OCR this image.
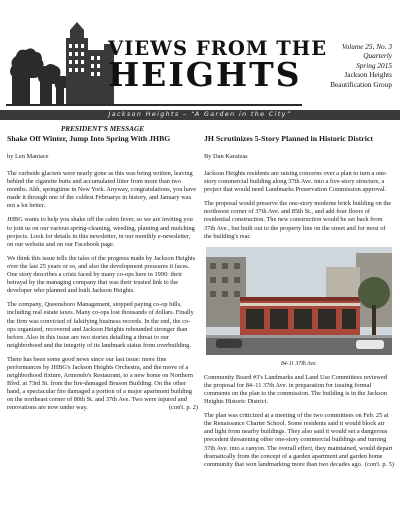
VIEWS FROM THE
HEIGHTS
Volume 25, No. 3
Quarterly
Spring 2015
Jackson Heights
Beautification Group
Jackson Heights – “A Garden in the City”

PRESIDENT'S MESSAGE

Shake Off Winter, Jump Into Spring With JHBG

by Len Maniace

The curbside glaciers were nearly gone as this was being written, leaving behind the cigarette butts and accumulated litter from more than two months. Ahh, springtime in New York. Anyway, congratulations, you have made it through one of the coldest Februarys in history, and January was not a lot better.

JHBG wants to help you shake off the cabin fever, so we are inviting you to join us on our various spring-cleaning, weeding, planting and mulching projects. Look for details in this newsletter, in our monthly e-newsletter, on our website and on our Facebook page.

We think this issue tells the tales of the progress made by Jackson Heights over the last 25 years or so, and also the development pressures it faces. One story describes a crisis faced by many co-ops here in 1990: their betrayal by the managing company that was their trusted link to the developer who planned and built Jackson Heights.

The company, Queensboro Management, stopped paying co-op bills, including real estate taxes. Many co-ops lost thousands of dollars. Finally the firm was convicted of falsifying business records. In the end, the co-ops organized, recovered and Jackson Heights rebounded stronger than before. Also in this issue are two stories detailing a threat to our neighborhood and the integrity of its landmark status from overbuilding.

There has been some good news since our last issue: more fine performances by JHBG's Jackson Heights Orchestra, and the move of a neighborhood fixture, Armondo's Restaurant, to a new home on Northern Blvd. at 73rd St. from the fire-damaged Bruson Building. On the other hand, a spectacular fire damaged a portion of a major apartment building on the northeast corner of 80th St. and 37th Ave. Two were injured and renovations are now under way.	(con't. p. 2)

JH Scrutinizes 5-Story Planned in Historic District

By Dan Karatzas

Jackson Heights residents are raising concerns over a plan to turn a one-story commercial building along 37th Ave. into a five-story structure, a project that would need Landmarks Preservation Commission approval.

The proposal would preserve the one-story moderne brick building on the northwest corner of 37th Ave. and 85th St., and add four floors of residential construction. The new construction would be set back from 37th Ave., but built out to the property line on the street and for most of the building's rear.

84-11 37th Ave.

Community Board #3's Landmarks and Land Use Committees reviewed the proposal for 84–11 37th Ave. in preparation for issuing formal comments on the plan to the commission. The building is in the Jackson Heights Historic District.

The plan was criticized at a meeting of the two committees on Feb. 25 at the Renaissance Charter School. Some residents said it would block air and light from nearby buildings. They also said it would set a dangerous precedent threatening other one-story commercial buildings and turning 37th Ave. into a canyon. The overall effect, they maintained, would depart dramatically from the concept of a garden apartment and garden home community that won landmarking more than two decades ago. (con't. p. 5)
